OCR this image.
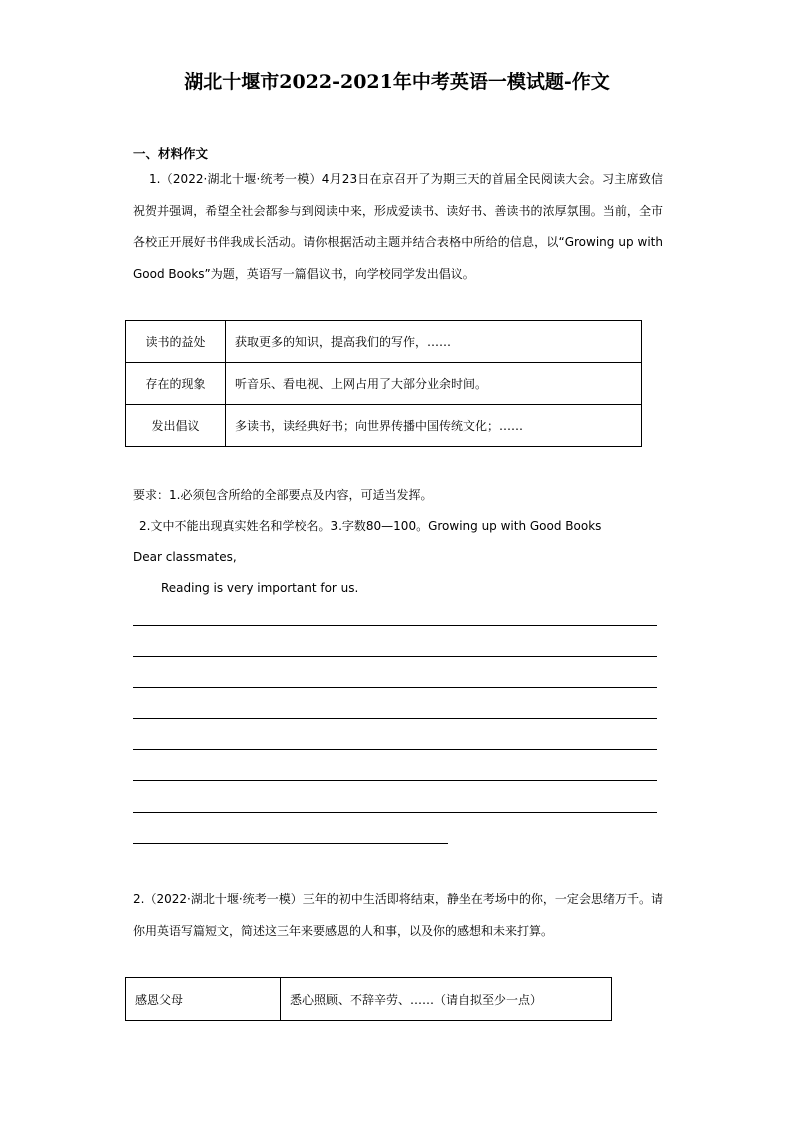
湖北十堰市2022-2021年中考英语一模试题-作文
一、材料作文
1.（2022·湖北十堰·统考一模）4月23日在京召开了为期三天的首届全民阅读大会。习主席致信祝贺并强调，希望全社会都参与到阅读中来，形成爱读书、读好书、善读书的浓厚氛围。当前，全市各校正开展好书伴我成长活动。请你根据活动主题并结合表格中所给的信息，以“Growing up with Good Books”为题，英语写一篇倡议书，向学校同学发出倡议。
读书的益处	获取更多的知识，提高我们的写作，……
存在的现象	听音乐、看电视、上网占用了大部分业余时间。
发出倡议	多读书，读经典好书；向世界传播中国传统文化；……
要求：1.必须包含所给的全部要点及内容，可适当发挥。
2.文中不能出现真实姓名和学校名。3.字数80—100。Growing up with Good Books
Dear classmates,
Reading is very important for us.
2.（2022·湖北十堰·统考一模）三年的初中生活即将结束，静坐在考场中的你，一定会思绪万千。请你用英语写篇短文，简述这三年来要感恩的人和事，以及你的感想和未来打算。
感恩父母	悉心照顾、不辞辛劳、……（请自拟至少一点）
